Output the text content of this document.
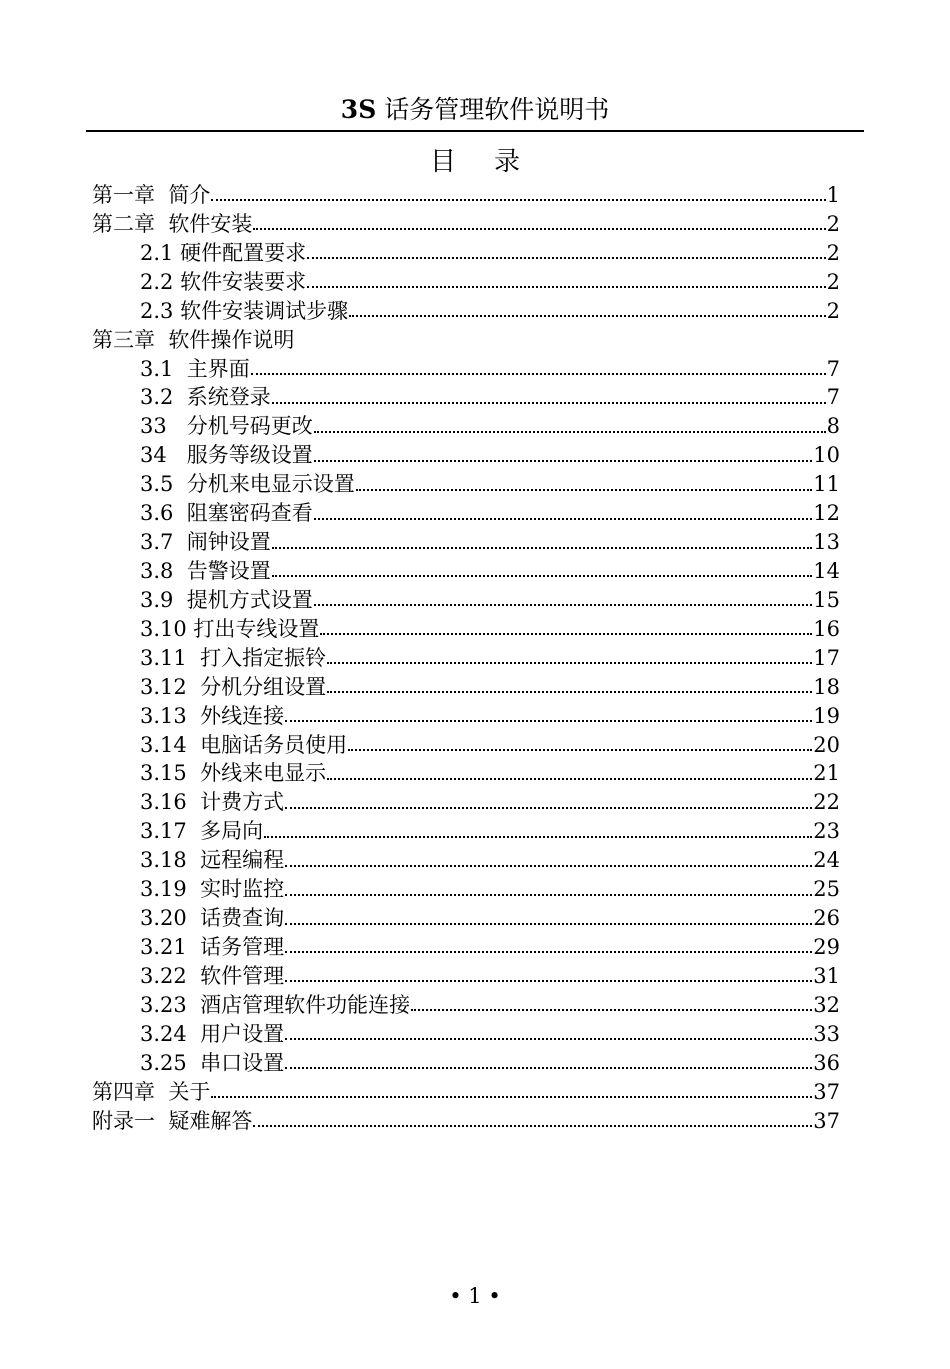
3S 话务管理软件说明书
目录
第一章  简介	1
第二章  软件安装	2
2.1 硬件配置要求	2
2.2 软件安装要求	2
2.3 软件安装调试步骤	2
第三章  软件操作说明
3.1  主界面	7
3.2  系统登录	7
33   分机号码更改	8
34   服务等级设置	10
3.5  分机来电显示设置	11
3.6  阻塞密码查看	12
3.7  闹钟设置	13
3.8  告警设置	14
3.9  提机方式设置	15
3.10 打出专线设置	16
3.11  打入指定振铃	17
3.12  分机分组设置	18
3.13  外线连接	19
3.14  电脑话务员使用	20
3.15  外线来电显示	21
3.16  计费方式	22
3.17  多局向	23
3.18  远程编程	24
3.19  实时监控	25
3.20  话费查询	26
3.21  话务管理	29
3.22  软件管理	31
3.23  酒店管理软件功能连接	32
3.24  用户设置	33
3.25  串口设置	36
第四章  关于	37
附录一  疑难解答	37
• 1 •
